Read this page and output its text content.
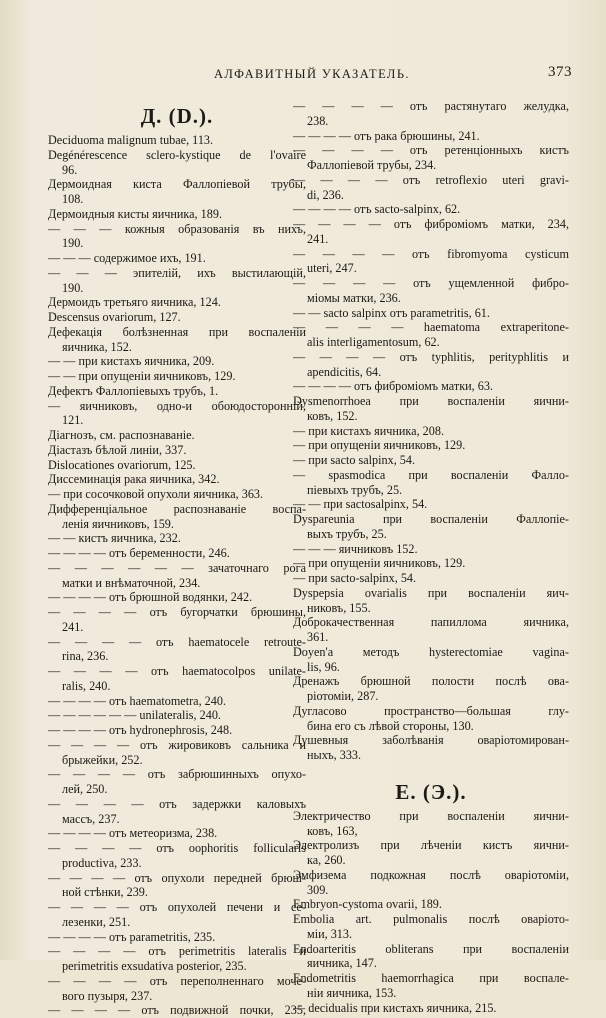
АЛФАВИТНЫЙ УКАЗАТЕЛЬ.	373
Д. (D.).
Deciduoma malignum tubae, 113.
Degénérescence sclero-kystique de l'ovaire
96.
Дермоидная киста Фаллопіевой трубы,
108.
Дермоидныя кисты яичника, 189.
— — — кожныя образованія въ нихъ,
190.
— — — содержимое ихъ, 191.
— — — эпителій, ихъ выстилающій,
190.
Дермоидъ третьяго яичника, 124.
Descensus ovariorum, 127.
Дефекація болѣзненная при воспаленіи
яичника, 152.
— — при кистахъ яичника, 209.
— — при опущеніи яичниковъ, 129.
Дефектъ Фаллопіевыхъ трубъ, 1.
— яичниковъ, одно-и обоюдосторонній,
121.
Діагнозъ, см. распознаваніе.
Діастазъ бѣлой линіи, 337.
Dislocationes ovariorum, 125.
Диссеминація рака яичника, 342.
— при сосочковой опухоли яичника, 363.
Дифференціальное распознаваніе воспа-
ленія яичниковъ, 159.
— — кистъ яичника, 232.
— — — — отъ беременности, 246.
— — — — — — зачаточнаго рога
матки и внѣматочной, 234.
— — — — отъ брюшной водянки, 242.
— — — — отъ бугорчатки брюшины,
241.
— — — — отъ haematocele retroute-
rina, 236.
— — — — отъ haematocolpos unilate-
ralis, 240.
— — — — отъ haematometra, 240.
— — — — — — unilateralis, 240.
— — — — отъ hydronephrosis, 248.
— — — — отъ жировиковъ сальника и
брыжейки, 252.
— — — — отъ забрюшинныхъ опухо-
лей, 250.
— — — — отъ задержки каловыхъ
массъ, 237.
— — — — отъ метеоризма, 238.
— — — — отъ oophoritis follicularis
productiva, 233.
— — — — отъ опухоли передней брюш-
ной стѣнки, 239.
— — — — отъ опухолей печени и се-
лезенки, 251.
— — — — отъ parametritis, 235.
— — — — отъ perimetritis lateralis и
perimetritis exsudativa posterior, 235.
— — — — отъ переполненнаго моче-
вого пузыря, 237.
— — — — отъ подвижной почки, 235,
— — — — отъ растянутаго желудка,
238.
— — — — отъ рака брюшины, 241.
— — — — отъ ретенціонныхъ кистъ
Фаллопіевой трубы, 234.
— — — — отъ retroflexio uteri gravi-
di, 236.
— — — — отъ sacto-salpinx, 62.
— — — — отъ фиброміомъ матки, 234,
241.
— — — — отъ fibromyoma cysticum
uteri, 247.
— — — — отъ ущемленной фибро-
міомы матки, 236.
— — sacto salpinx отъ parametritis, 61.
— — — — haematoma extraperitone-
alis interligamentosum, 62.
— — — — отъ typhlitis, perityphlitis и
apendicitis, 64.
— — — — отъ фиброміомъ матки, 63.
Dysmenorrhoea при воспаленіи яични-
ковъ, 152.
— при кистахъ яичника, 208.
— при опущеніи яичниковъ, 129.
— при sacto salpinx, 54.
— spasmodica при воспаленіи Фалло-
піевыхъ трубъ, 25.
— — при sactosalpinx, 54.
Dyspareunia при воспаленіи Фаллопіе-
выхъ трубъ, 25.
— — — яичниковъ 152.
— при опущеніи яичниковъ, 129.
— при sacto-salpinx, 54.
Dyspepsia ovarialis при воспаленіи яич-
никовъ, 155.
Доброкачественная папиллома яичника,
361.
Doyen'а методъ hysterectomiae vagina-
lis, 96.
Дренажъ брюшной полости послѣ ова-
ріотоміи, 287.
Дугласово пространство—большая глу-
бина его съ лѣвой стороны, 130.
Душевныя заболѣванія оваріотомирован-
ныхъ, 333.
Е. (Э.).
Электричество при воспаленіи яични-
ковъ, 163,
Электролизъ при лѣченіи кистъ яични-
ка, 260.
Эмфизема подкожная послѣ оваріотоміи,
309.
Embryon-cystoma ovarii, 189.
Embolia art. pulmonalis послѣ оваріото-
міи, 313.
Endoarteritis obliterans при воспаленіи
яичника, 147.
Endometritis haemorrhagica при воспале-
ніи яичника, 153.
— decidualis при кистахъ яичника, 215.
